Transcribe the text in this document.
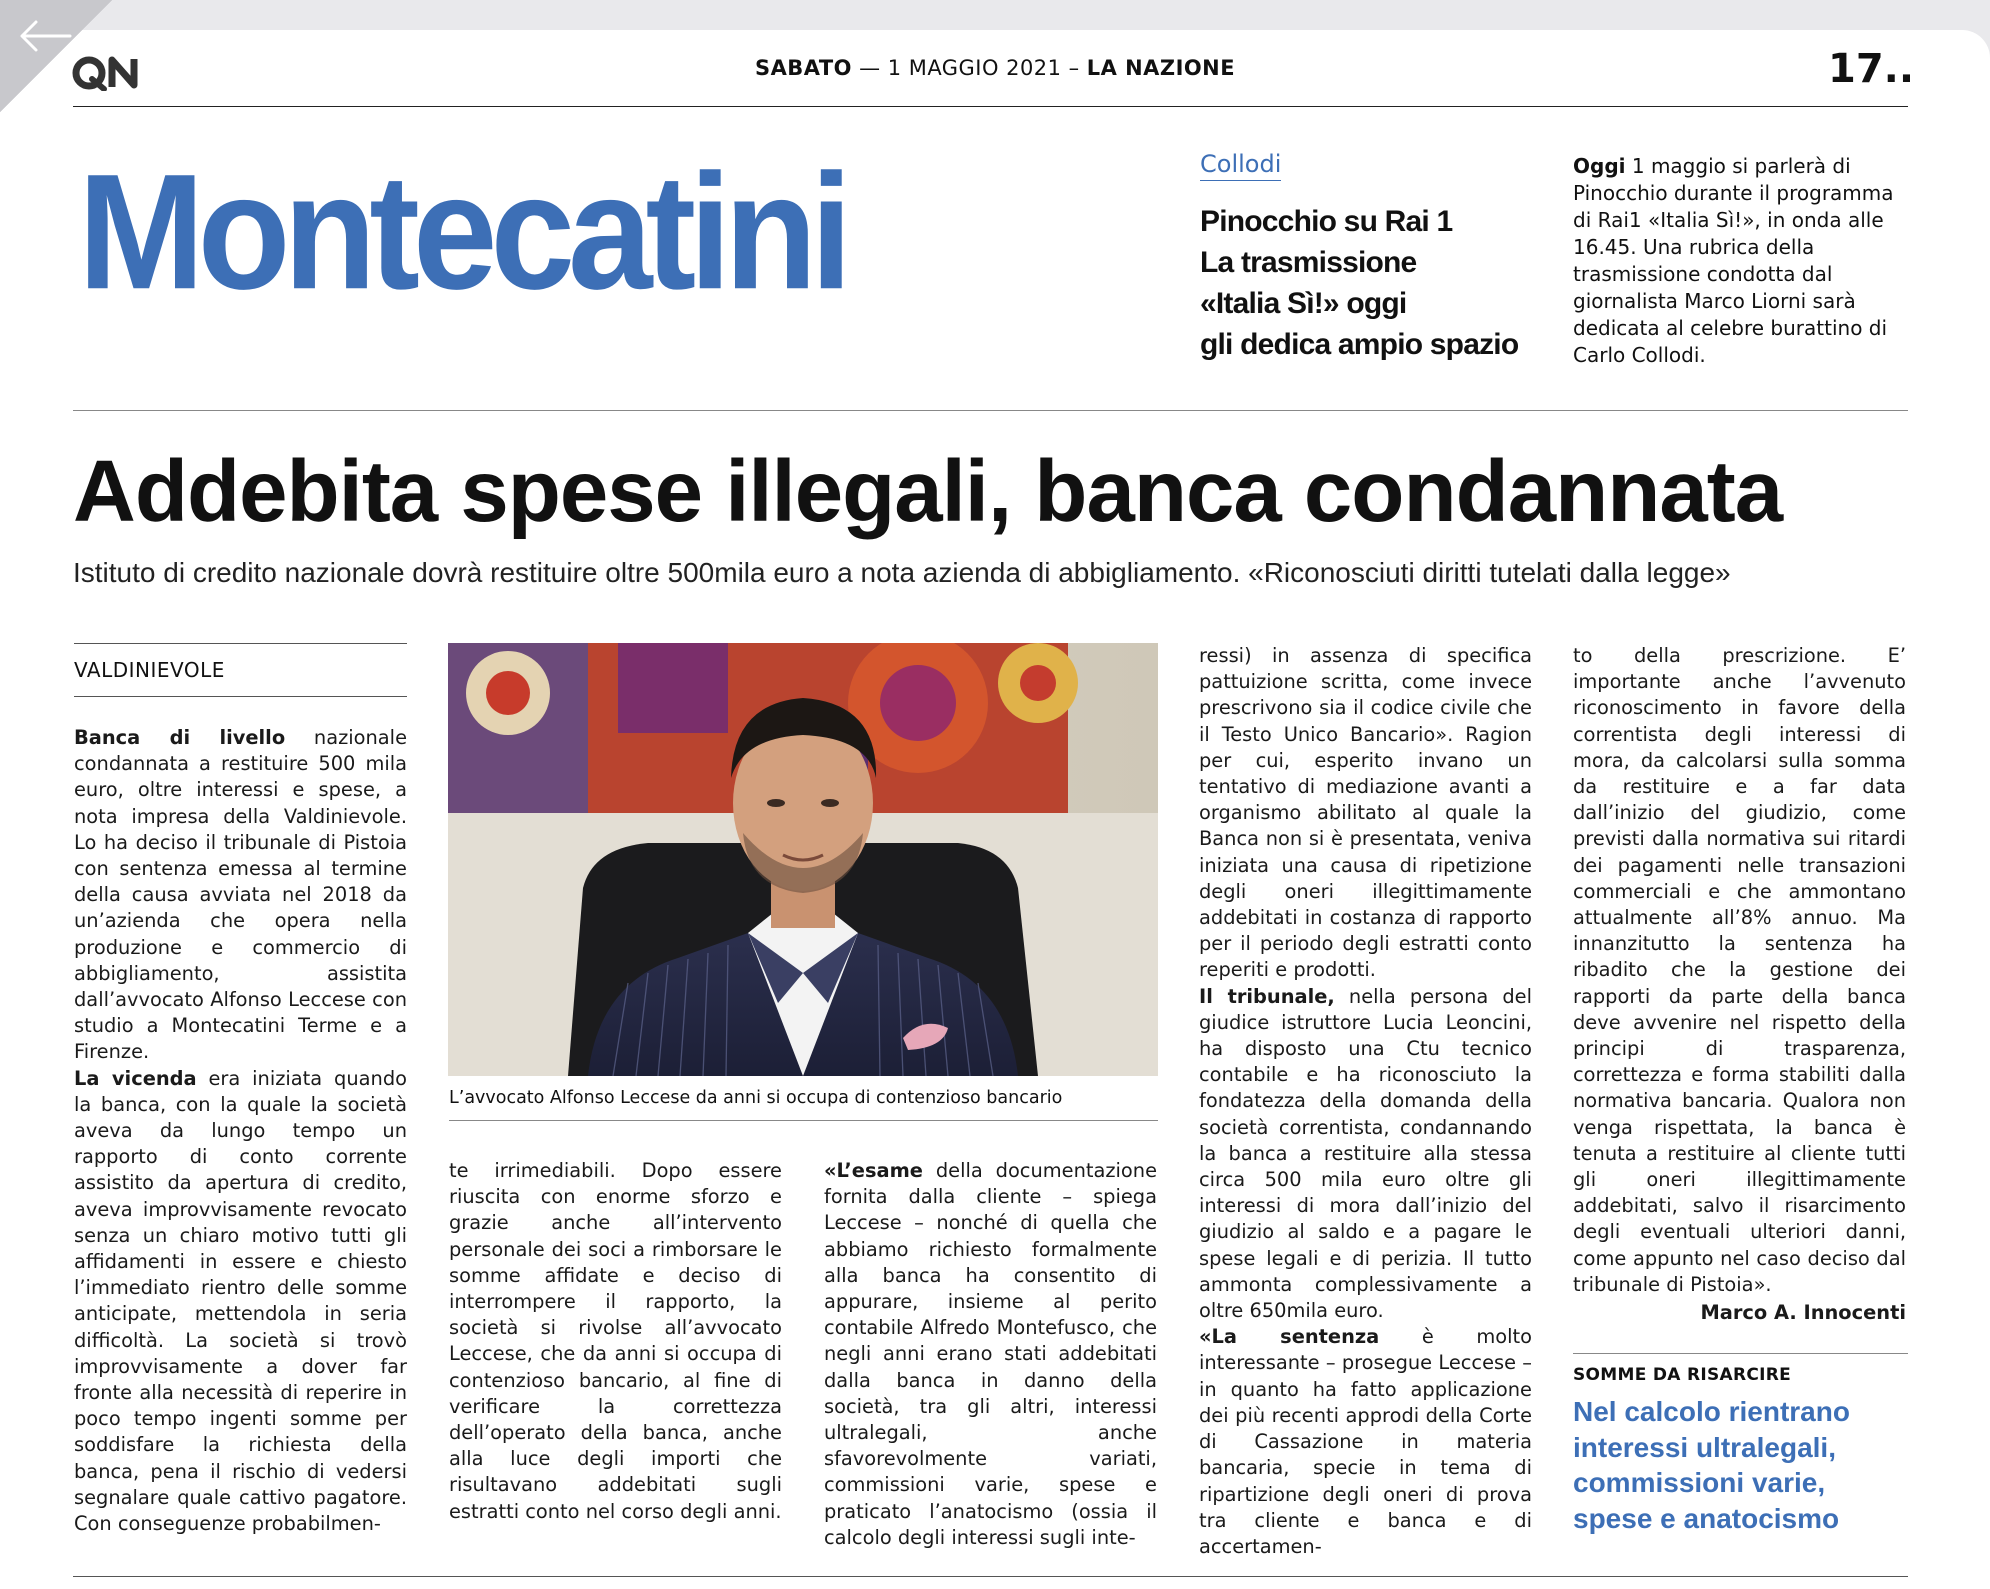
SABATO — 1 MAGGIO 2021 – LA NAZIONE	17..
Montecatini	Collodi
Pinocchio su Rai 1
La trasmissione
«Italia Sì!» oggi
gli dedica ampio spazio
Oggi 1 maggio si parlerà di Pinocchio durante il programma di Rai1 «Italia Sì!», in onda alle 16.45. Una rubrica della trasmissione condotta dal giornalista Marco Liorni sarà dedicata al celebre burattino di Carlo Collodi.
Addebita spese illegali, banca condannata
Istituto di credito nazionale dovrà restituire oltre 500mila euro a nota azienda di abbigliamento. «Riconosciuti diritti tutelati dalla legge»
VALDINIEVOLE

Banca di livello nazionale condannata a restituire 500 mila euro, oltre interessi e spese, a nota impresa della Valdinievole. Lo ha deciso il tribunale di Pistoia con sentenza emessa al termine della causa avviata nel 2018 da un’azienda che opera nella produzione e commercio di abbigliamento, assistita dall’avvocato Alfonso Leccese con studio a Montecatini Terme e a Firenze.

La vicenda era iniziata quando la banca, con la quale la società aveva da lungo tempo un rapporto di conto corrente assistito da apertura di credito, aveva improvvisamente revocato senza un chiaro motivo tutti gli affidamenti in essere e chiesto l’immediato rientro delle somme anticipate, mettendola in seria difficoltà. La società si trovò improvvisamente a dover far fronte alla necessità di reperire in poco tempo ingenti somme per soddisfare la richiesta della banca, pena il rischio di vedersi segnalare quale cattivo pagatore. Con conseguenze probabilmen-

L’avvocato Alfonso Leccese da anni si occupa di contenzioso bancario

te irrimediabili. Dopo essere riuscita con enorme sforzo e grazie anche all’intervento personale dei soci a rimborsare le somme affidate e deciso di interrompere il rapporto, la società si rivolse all’avvocato Leccese, che da anni si occupa di contenzioso bancario, al fine di verificare la correttezza dell’operato della banca, anche alla luce degli importi che risultavano addebitati sugli estratti conto nel corso degli anni.

«L’esame della documentazione fornita dalla cliente – spiega Leccese – nonché di quella che abbiamo richiesto formalmente alla banca ha consentito di appurare, insieme al perito contabile Alfredo Montefusco, che negli anni erano stati addebitati dalla banca in danno della società, tra gli altri, interessi ultralegali, anche sfavorevolmente variati, commissioni varie, spese e praticato l’anatocismo (ossia il calcolo degli interessi sugli inte-

ressi) in assenza di specifica pattuizione scritta, come invece prescrivono sia il codice civile che il Testo Unico Bancario». Ragion per cui, esperito invano un tentativo di mediazione avanti a organismo abilitato al quale la Banca non si è presentata, veniva iniziata una causa di ripetizione degli oneri illegittimamente addebitati in costanza di rapporto per il periodo degli estratti conto reperiti e prodotti.

Il tribunale, nella persona del giudice istruttore Lucia Leoncini, ha disposto una Ctu tecnico contabile e ha riconosciuto la fondatezza della domanda della società correntista, condannando la banca a restituire alla stessa circa 500 mila euro oltre gli interessi di mora dall’inizio del giudizio al saldo e a pagare le spese legali e di perizia. Il tutto ammonta complessivamente a oltre 650mila euro.

«La sentenza è molto interessante – prosegue Leccese – in quanto ha fatto applicazione dei più recenti approdi della Corte di Cassazione in materia bancaria, specie in tema di ripartizione degli oneri di prova tra cliente e banca e di accertamen-

to della prescrizione. E’ importante anche l’avvenuto riconoscimento in favore della correntista degli interessi di mora, da calcolarsi sulla somma da restituire e a far data dall’inizio del giudizio, come previsti dalla normativa sui ritardi dei pagamenti nelle transazioni commerciali e che ammontano attualmente all’8% annuo. Ma innanzitutto la sentenza ha ribadito che la gestione dei rapporti da parte della banca deve avvenire nel rispetto della principi di trasparenza, correttezza e forma stabiliti dalla normativa bancaria. Qualora non venga rispettata, la banca è tenuta a restituire al cliente tutti gli oneri illegittimamente addebitati, salvo il risarcimento degli eventuali ulteriori danni, come appunto nel caso deciso dal tribunale di Pistoia».

Marco A. Innocenti
SOMME DA RISARCIRE
Nel calcolo rientrano
interessi ultralegali,
commissioni varie,
spese e anatocismo
